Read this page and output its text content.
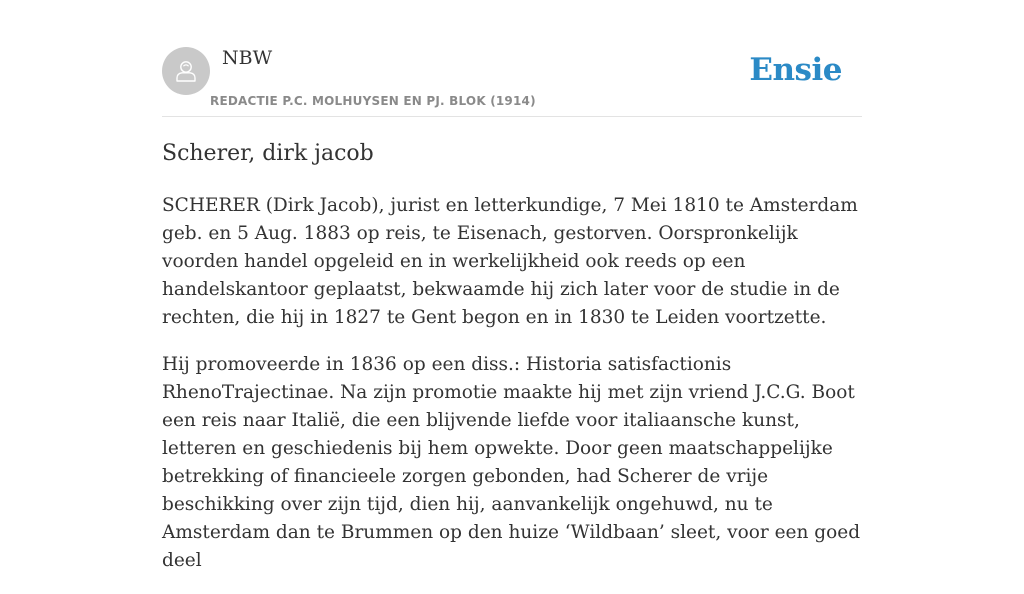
NBW
REDACTIE P.C. MOLHUYSEN EN PJ. BLOK (1914)
Ensie
Scherer, dirk jacob

SCHERER (Dirk Jacob), jurist en letterkundige, 7 Mei 1810 te Amsterdam geb. en 5 Aug. 1883 op reis, te Eisenach, gestorven. Oorspronkelijk voorden handel opgeleid en in werkelijkheid ook reeds op een handelskantoor geplaatst, bekwaamde hij zich later voor de studie in de rechten, die hij in 1827 te Gent begon en in 1830 te Leiden voortzette.

Hij promoveerde in 1836 op een diss.: Historia satisfactionis RhenoTrajectinae. Na zijn promotie maakte hij met zijn vriend J.C.G. Boot een reis naar Italië, die een blijvende liefde voor italiaansche kunst, letteren en geschiedenis bij hem opwekte. Door geen maatschappelijke betrekking of financieele zorgen gebonden, had Scherer de vrije beschikking over zijn tijd, dien hij, aanvankelijk ongehuwd, nu te Amsterdam dan te Brummen op den huize ‘Wildbaan’ sleet, voor een goed deel
